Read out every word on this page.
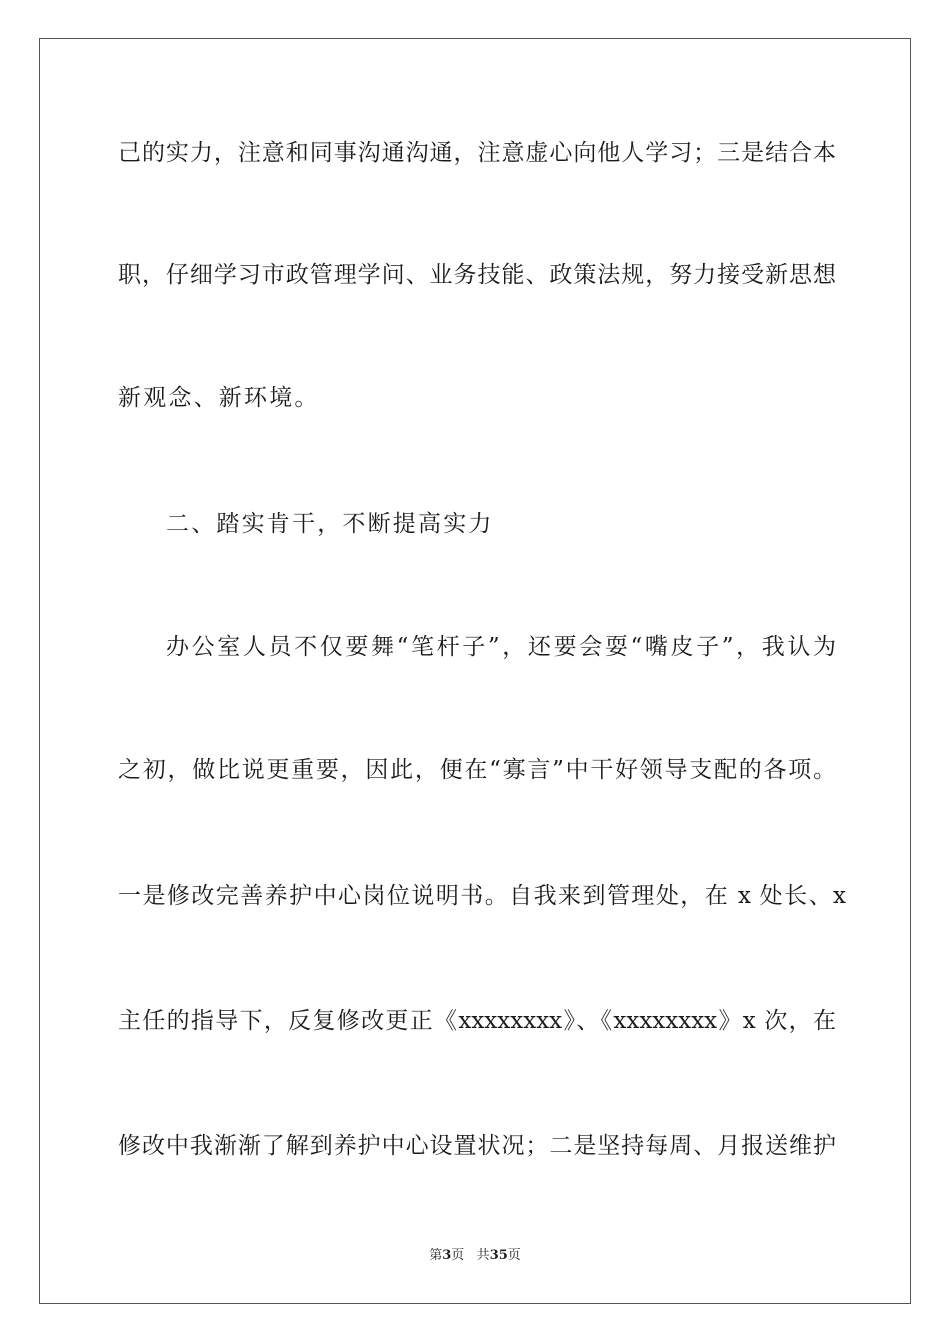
己的实力，注意和同事沟通沟通，注意虚心向他人学习；三是结合本
职，仔细学习市政管理学问、业务技能、政策法规，努力接受新思想
新观念、新环境。
二、踏实肯干，不断提高实力
办公室人员不仅要舞“笔杆子”，还要会耍“嘴皮子”，我认为
之初，做比说更重要，因此，便在“寡言”中干好领导支配的各项。
一是修改完善养护中心岗位说明书。自我来到管理处，在 x 处长、x
主任的指导下，反复修改更正《xxxxxxxx》、《xxxxxxxx》x 次，在
修改中我渐渐了解到养护中心设置状况；二是坚持每周、月报送维护
第3页 共35页
